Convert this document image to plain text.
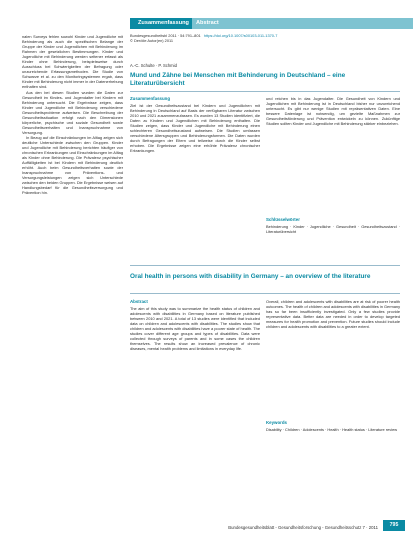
nalen Surveys fehlen sowohl Kinder und Jugendliche mit Behinderung als auch die spezifischen Belange der Gruppe der Kinder und Jugendlichen mit Behinderung im Rahmen der gesetzlichen Bestimmungen. Kinder und Jugendliche mit Behinderung werden seltener erfasst als Kinder ohne Behinderung, beispielsweise durch Ausschluss bei Schwierigkeiten der Befragung oder unzureichende Erfassungsmethoden. Die Studie von Schwarze et al. zu den Monitoringsystemen ergab, dass Kinder mit Behinderung nicht immer in der Datenerhebung enthalten sind.

Aus den bei diesen Studien wurden die Daten zur Gesundheit im Kindes- und Jugendalter bei Kindern mit Behinderung untersucht. Die Ergebnisse zeigen, dass Kinder und Jugendliche mit Behinderung verschiedene Gesundheitsprobleme aufweisen. Die Beschreibung der Gesundheitssituation erfolgt nach den Dimensionen körperliche, psychische und soziale Gesundheit sowie Gesundheitsverhalten und Inanspruchnahme von Versorgung.

In Bezug auf die Einschränkungen im Alltag zeigen sich deutliche Unterschiede zwischen den Gruppen. Kinder und Jugendliche mit Behinderung berichten häufiger von chronischen Erkrankungen und Einschränkungen im Alltag als Kinder ohne Behinderung. Die Prävalenz psychischer Auffälligkeiten ist bei Kindern mit Behinderung deutlich erhöht. Auch beim Gesundheitsverhalten sowie der Inanspruchnahme von Präventions- und Versorgungsleistungen zeigen sich Unterschiede zwischen den beiden Gruppen. Die Ergebnisse weisen auf Handlungsbedarf für die Gesundheitsversorgung und Prävention hin.

Zusammenfassung	Abstract
Bundesgesundheitsbl 2011 · 54:791–801 https://doi.org/10.1007/s00103-011-1370-7
© Der/die Autor(en) 2011
A.-C. Schulte · P. Schmid
Mund und Zähne bei Menschen mit Behinderung in Deutschland – eine Literaturübersicht
Zusammenfassung
Ziel ist der Gesundheitszustand bei Kindern und Jugendlichen mit Behinderung in Deutschland auf Basis der verfügbaren Literatur zwischen 2010 und 2021 zusammenzufassen. Es wurden 13 Studien identifiziert, die Daten zu Kindern und Jugendlichen mit Behinderung enthalten. Die Studien zeigen, dass Kinder und Jugendliche mit Behinderung einen schlechteren Gesundheitszustand aufweisen. Die Studien umfassen verschiedene Altersgruppen und Behinderungsformen. Die Daten wurden durch Befragungen der Eltern und teilweise durch die Kinder selbst erhoben. Die Ergebnisse zeigen eine erhöhte Prävalenz chronischer Erkrankungen.
und reichen bis in das Jugendalter. Die Gesundheit von Kindern und Jugendlichen mit Behinderung ist in Deutschland bisher nur unzureichend untersucht. Es gibt nur wenige Studien mit repräsentativen Daten. Eine bessere Datenlage ist notwendig, um gezielte Maßnahmen zur Gesundheitsförderung und Prävention entwickeln zu können. Zukünftige Studien sollten Kinder und Jugendliche mit Behinderung stärker einbeziehen.
Schlüsselwörter
Behinderung · Kinder · Jugendliche · Gesundheit · Gesundheitszustand · Literaturübersicht
Oral health in persons with disability in Germany – an overview of the literature
Abstract
The aim of this study was to summarize the health status of children and adolescents with disabilities in Germany based on literature published between 2010 and 2021. A total of 13 studies were identified that included data on children and adolescents with disabilities. The studies show that children and adolescents with disabilities have a poorer state of health. The studies cover different age groups and types of disabilities. Data were collected through surveys of parents and in some cases the children themselves. The results show an increased prevalence of chronic diseases, mental health problems and limitations in everyday life.
Overall, children and adolescents with disabilities are at risk of poorer health outcomes. The health of children and adolescents with disabilities in Germany has so far been insufficiently investigated. Only a few studies provide representative data. Better data are needed in order to develop targeted measures for health promotion and prevention. Future studies should include children and adolescents with disabilities to a greater extent.
Keywords
Disability · Children · Adolescents · Health · Health status · Literature review
Bundesgesundheitsblatt - Gesundheitsforschung - Gesundheitsschutz 7 · 2011	795
